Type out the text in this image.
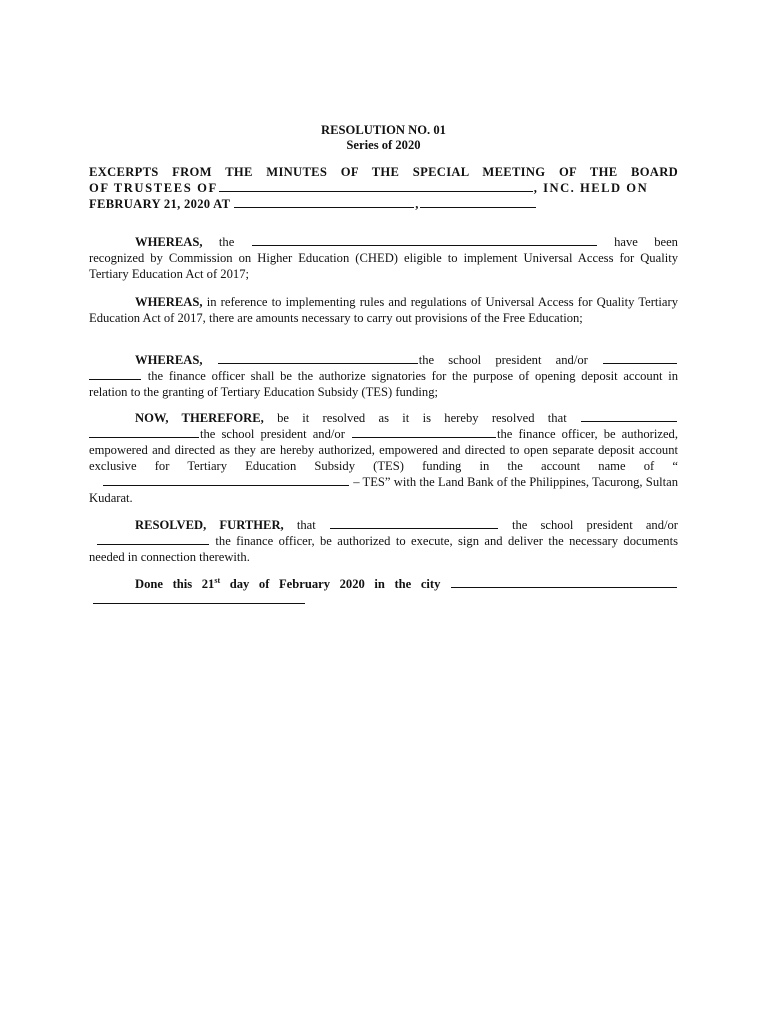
RESOLUTION NO. 01
Series of 2020
EXCERPTS FROM THE MINUTES OF THE SPECIAL MEETING OF THE BOARD
OF TRUSTEES OF	, INC. HELD ON
FEBRUARY 21, 2020 AT	,

WHEREAS, the	have been recognized by Commission on Higher Education (CHED) eligible to implement Universal Access for Quality Tertiary Education Act of 2017;

WHEREAS, in reference to implementing rules and regulations of Universal Access for Quality Tertiary Education Act of 2017, there are amounts necessary to carry out provisions of the Free Education;

WHEREAS,	the school president and/or   the finance officer shall be the authorize signatories for the purpose of opening deposit account in relation to the granting of Tertiary Education Subsidy (TES) funding;

NOW, THEREFORE, be it resolved as it is hereby resolved that  the school president and/or	the finance officer, be authorized, empowered and directed as they are hereby authorized, empowered and directed to open separate deposit account exclusive for Tertiary Education Subsidy (TES) funding in the account name of “  – TES” with the Land Bank of the Philippines, Tacurong, Sultan Kudarat.

RESOLVED, FURTHER, that	the school president and/or  the finance officer, be authorized to execute, sign and deliver the necessary documents needed in connection therewith.

Done this 21st day of February 2020 in the city
